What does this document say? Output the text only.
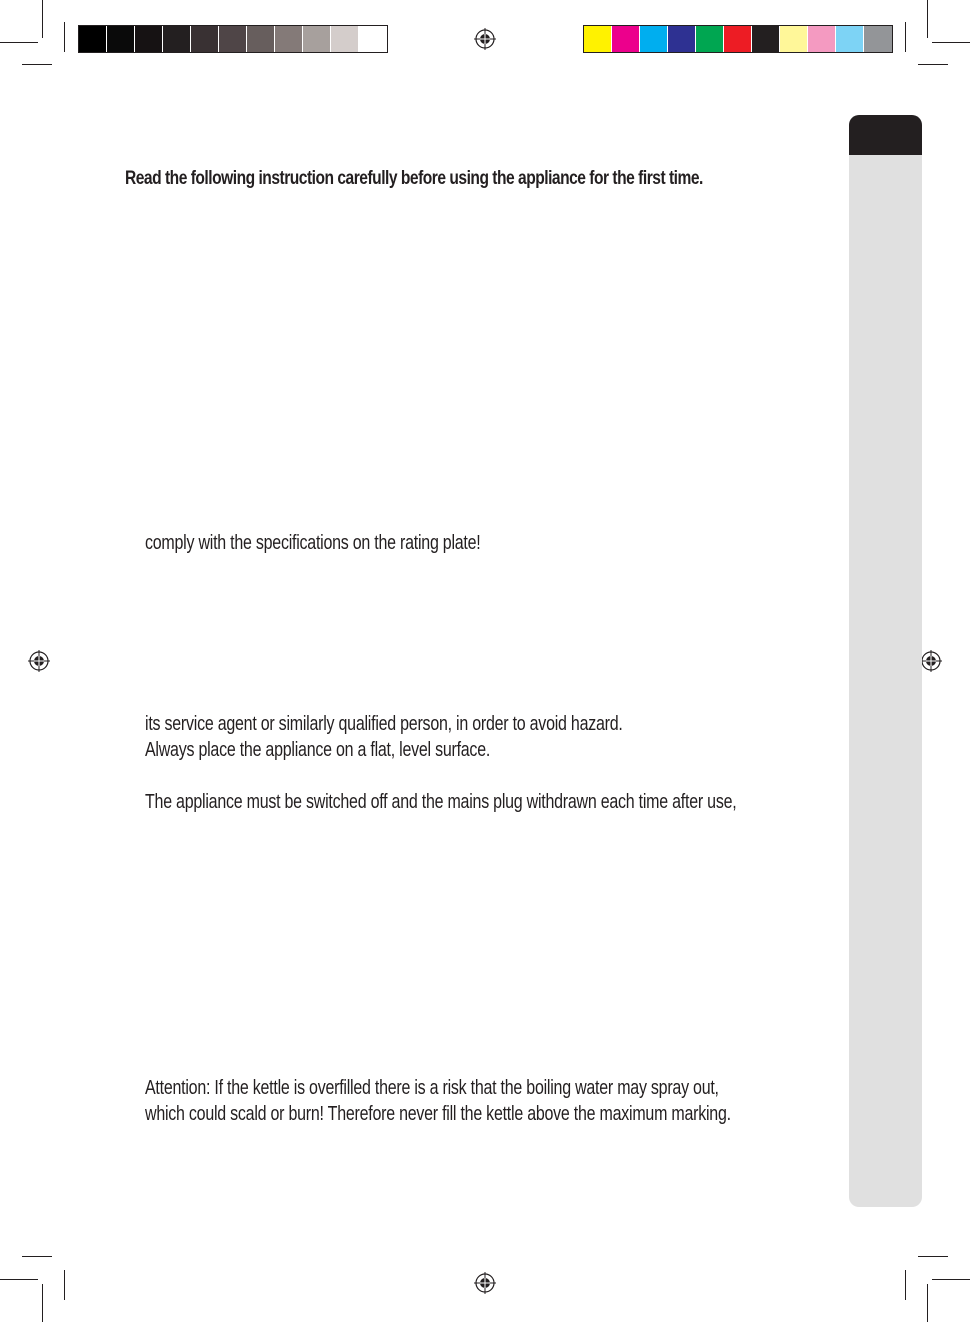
Read the following instruction carefully before using the appliance for the first time.
comply with the specifications on the rating plate!
its service agent or similarly qualified person, in order to avoid hazard.
Always place the appliance on a flat, level surface.
The appliance must be switched off and the mains plug withdrawn each time after use,
Attention: If the kettle is overfilled there is a risk that the boiling water may spray out,
which could scald or burn! Therefore never fill the kettle above the maximum marking.
